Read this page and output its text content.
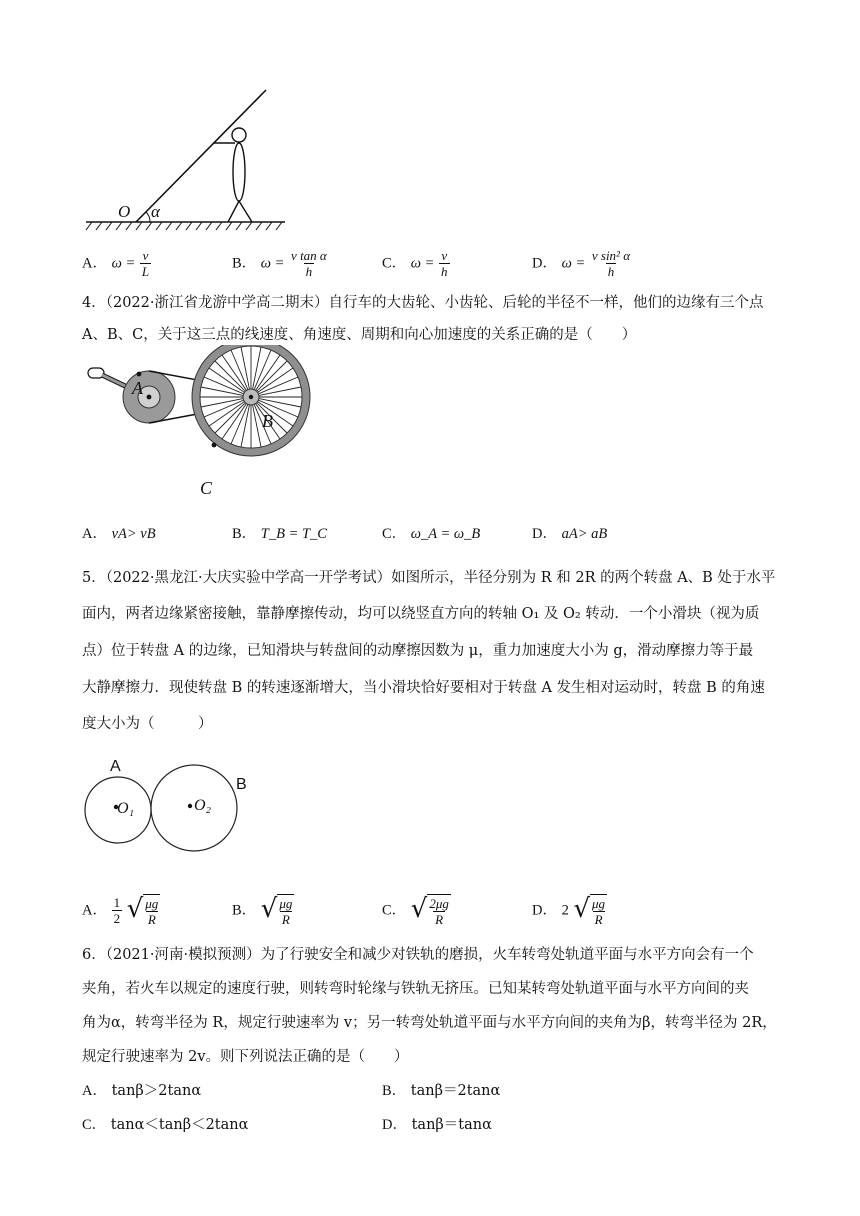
O α
A． $\omega = \frac{v}{L}$	B． $\omega = \frac{\text{v tan α}}{h}$	C． $\omega = \frac{v}{h}$	D． $\omega = \frac{\text{v sin² α}}{h}$
4．（2022·浙江省龙游中学高二期末）自行车的大齿轮、小齿轮、后轮的半径不一样，他们的边缘有三个点
A、B、C，关于这三点的线速度、角速度、周期和向心加速度的关系正确的是（　　）
A
B
C
A． vA> vB	B． T_B = T_C	C． ω_A = ω_B	D． aA> aB
5．（2022·黑龙江·大庆实验中学高一开学考试）如图所示，半径分别为 R 和 2R 的两个转盘 A、B 处于水平
面内，两者边缘紧密接触，靠静摩擦传动，均可以绕竖直方向的转轴 O₁ 及 O₂ 转动．一个小滑块（视为质
点）位于转盘 A 的边缘，已知滑块与转盘间的动摩擦因数为 μ，重力加速度大小为 g，滑动摩擦力等于最
大静摩擦力．现使转盘 B 的转速逐渐增大，当小滑块恰好要相对于转盘 A 发生相对运动时，转盘 B 的角速
度大小为（　　　）
A
B
O₁	O₂
A． $\frac{1}{2}$
√ $\frac{\mu g}{R}$	B． √ $\frac{\mu g}{R}$	C． √ $\frac{2\mu g}{R}$	D． 2 √ $\frac{\mu g}{R}$
6．（2021·河南·模拟预测）为了行驶安全和减少对铁轨的磨损，火车转弯处轨道平面与水平方向会有一个
夹角，若火车以规定的速度行驶，则转弯时轮缘与铁轨无挤压。已知某转弯处轨道平面与水平方向间的夹
角为α，转弯半径为 R，规定行驶速率为 v；另一转弯处轨道平面与水平方向间的夹角为β，转弯半径为 2R，
规定行驶速率为 2v。则下列说法正确的是（　　）
A． tanβ＞2tanα	B． tanβ＝2tanα
C． tanα＜tanβ＜2tanα	D． tanβ＝tanα
